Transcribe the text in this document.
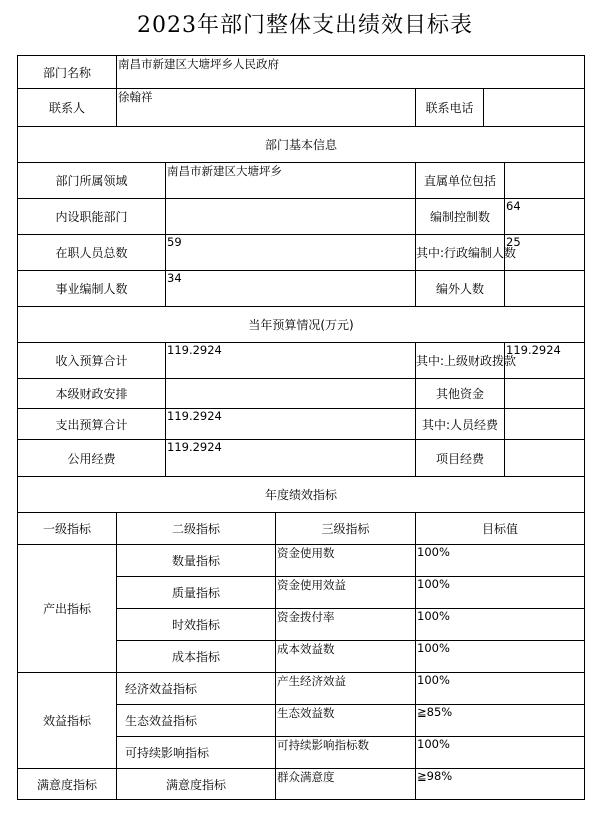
2023年部门整体支出绩效目标表
部门名称	南昌市新建区大塘坪乡人民政府					
联系人	徐翰祥			联系电话		
部门基本信息						
部门所属领域		南昌市新建区大塘坪乡		直属单位包括		
内设职能部门				编制控制数		64
在职人员总数		59		其中:行政编制人数		25
事业编制人数		34		编外人数		
当年预算情况(万元)						
收入预算合计		119.2924		其中:上级财政拨款		119.2924
本级财政安排				其他资金		
支出预算合计		119.2924		其中:人员经费		
公用经费		119.2924		项目经费		
年度绩效指标						
一级指标	二级指标		三级指标	目标值		
产出指标	数量指标		资金使用数	100%		
	质量指标		资金使用效益	100%		
	时效指标		资金拨付率	100%		
	成本指标		成本效益数	100%		
效益指标	经济效益指标		产生经济效益	100%		
	生态效益指标		生态效益数	≧85%		
	可持续影响指标		可持续影响指标数	100%		
满意度指标	满意度指标		群众满意度	≧98%		
